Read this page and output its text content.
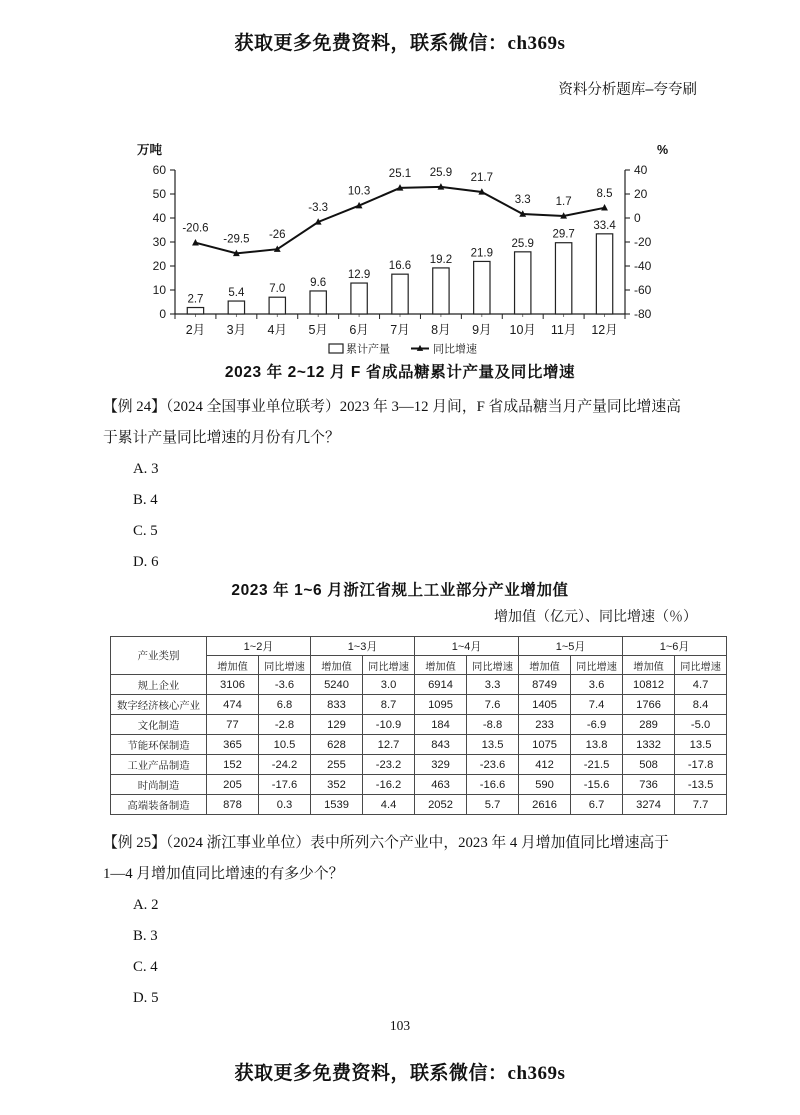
获取更多免费资料，联系微信：ch369s
资料分析题库–夸夸刷
万吨	%
60
50
40
30
20
10
0
40
20
0
-20
-40
-60
-80
2.7
5.4 7.0
9.6
12.9
16.6
19.2
21.9
25.9
29.7
33.4
-20.6
-29.5 -26
-3.3
10.3
25.1 25.9 21.7
3.3 1.7
8.5
2月 3月 4月 5月 6月 7月 8月 9月 10月 11月 12月
累计产量	同比增速
2023 年 2~12 月 F 省成品糖累计产量及同比增速
【例 24】（2024 全国事业单位联考）2023 年 3—12 月间，F 省成品糖当月产量同比增速高
于累计产量同比增速的月份有几个？
A. 3
B. 4
C. 5
D. 6
2023 年 1~6 月浙江省规上工业部分产业增加值
增加值（亿元）、同比增速（％）
产业类别	1~2月		1~3月		1~4月		1~5月		1~6月	
	增加值	同比增速	增加值	同比增速	增加值	同比增速	增加值	同比增速	增加值	同比增速
规上企业	3106	-3.6	5240	3.0	6914	3.3	8749	3.6	10812	4.7
数字经济核心产业	474	6.8	833	8.7	1095	7.6	1405	7.4	1766	8.4
文化制造	77	-2.8	129	-10.9	184	-8.8	233	-6.9	289	-5.0
节能环保制造	365	10.5	628	12.7	843	13.5	1075	13.8	1332	13.5
工业产品制造	152	-24.2	255	-23.2	329	-23.6	412	-21.5	508	-17.8
时尚制造	205	-17.6	352	-16.2	463	-16.6	590	-15.6	736	-13.5
高端装备制造	878	0.3	1539	4.4	2052	5.7	2616	6.7	3274	7.7
【例 25】（2024 浙江事业单位）表中所列六个产业中，2023 年 4 月增加值同比增速高于
1—4 月增加值同比增速的有多少个？
A. 2
B. 3
C. 4
D. 5
103
获取更多免费资料，联系微信：ch369s
